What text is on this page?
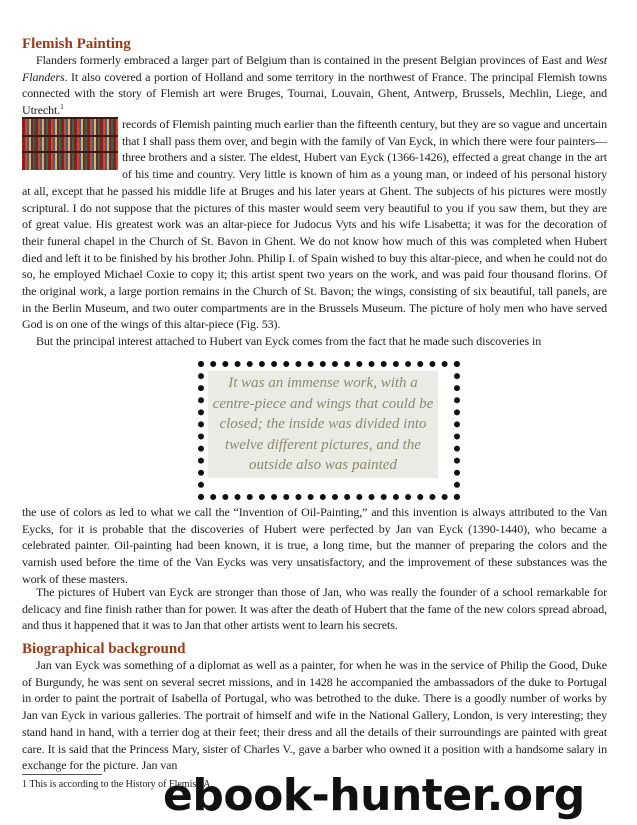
Flemish Painting

Flanders formerly embraced a larger part of Belgium than is contained in the present Belgian provinces of East and West Flanders. It also covered a portion of Holland and some territory in the northwest of France. The principal Flemish towns connected with the story of Flemish art were Bruges, Tournai, Louvain, Ghent, Antwerp, Brussels, Mechlin, Liege, and Utrecht.$^1$

records of Flemish painting much earlier than the fifteenth century, but they are so vague and uncertain that I shall pass them over, and begin with the family of Van Eyck, in which there were four painters—three brothers and a sister. The eldest, Hubert van Eyck (1366-1426), effected a great change in the art of his time and country. Very little is known of him as a young man, or indeed of his personal history at all, except that he passed his middle life at Bruges and his later years at Ghent. The subjects of his pictures were mostly scriptural. I do not suppose that the pictures of this master would seem very beautiful to you if you saw them, but they are of great value. His greatest work was an altar-piece for Judocus Vyts and his wife Lisabetta; it was for the decoration of their funeral chapel in the Church of St. Bavon in Ghent. We do not know how much of this was completed when Hubert died and left it to be finished by his brother John. Philip I. of Spain wished to buy this altar-piece, and when he could not do so, he employed Michael Coxie to copy it; this artist spent two years on the work, and was paid four thousand florins. Of the original work, a large portion remains in the Church of St. Bavon; the wings, consisting of six beautiful, tall panels, are in the Berlin Museum, and two outer compartments are in the Brussels Museum. The picture of holy men who have served God is on one of the wings of this altar-piece (Fig. 53).

But the principal interest attached to Hubert van Eyck comes from the fact that he made such discoveries in

It was an immense work, with a centre-piece and wings that could be closed; the inside was divided into twelve different pictures, and the outside also was painted

the use of colors as led to what we call the “Invention of Oil-Painting,” and this invention is always attributed to the Van Eycks, for it is probable that the discoveries of Hubert were perfected by Jan van Eyck (1390-1440), who became a celebrated painter. Oil-painting had been known, it is true, a long time, but the manner of preparing the colors and the varnish used before the time of the Van Eycks was very unsatisfactory, and the improvement of these substances was the work of these masters.

The pictures of Hubert van Eyck are stronger than those of Jan, who was really the founder of a school remarkable for delicacy and fine finish rather than for power. It was after the death of Hubert that the fame of the new colors spread abroad, and thus it happened that it was to Jan that other artists went to learn his secrets.

Biographical background

Jan van Eyck was something of a diplomat as well as a painter, for when he was in the service of Philip the Good, Duke of Burgundy, he was sent on several secret missions, and in 1428 he accompanied the ambassadors of the duke to Portugal in order to paint the portrait of Isabella of Portugal, who was betrothed to the duke. There is a goodly number of works by Jan van Eyck in various galleries. The portrait of himself and wife in the National Gallery, London, is very interesting; they stand hand in hand, with a terrier dog at their feet; their dress and all the details of their surroundings are painted with great care. It is said that the Princess Mary, sister of Charles V., gave a barber who owned it a position with a handsome salary in exchange for the picture. Jan van

1 This is according to the History of Flemish A

ebook-hunter.org
